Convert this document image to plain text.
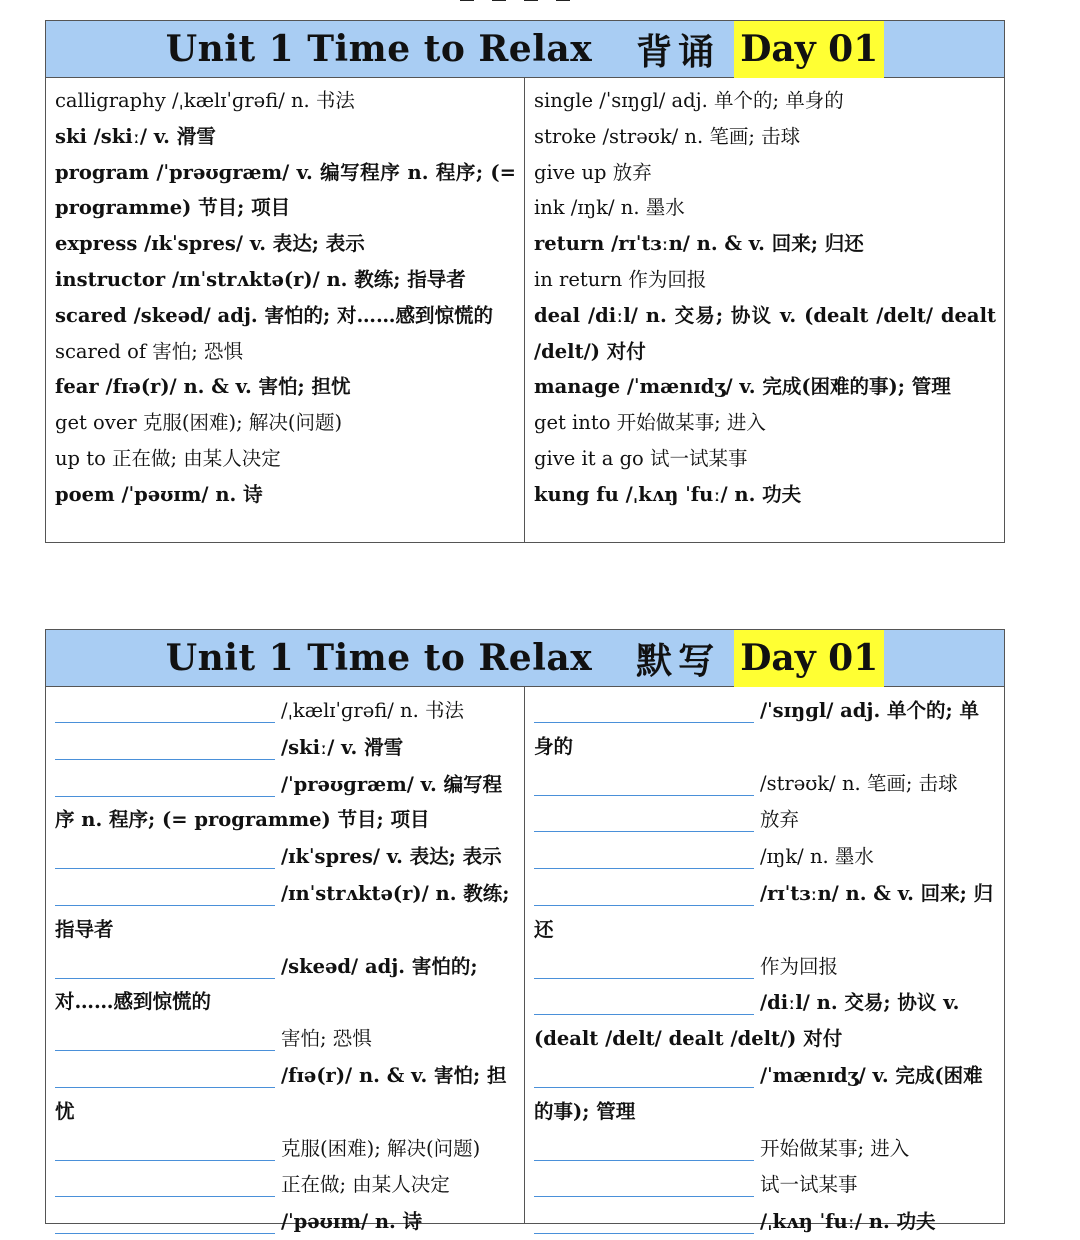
Unit 1 Time to Relax 背诵 Day 01
calligraphy /ˌkælɪˈɡrəfi/ n. 书法
ski /skiː/ v. 滑雪
program /ˈprəʊɡræm/ v. 编写程序 n. 程序; (= programme) 节目; 项目
express /ɪkˈspres/ v. 表达; 表示
instructor /ɪnˈstrʌktə(r)/ n. 教练; 指导者
scared /skeəd/ adj. 害怕的; 对……感到惊慌的
scared of 害怕; 恐惧
fear /fɪə(r)/ n. & v. 害怕; 担忧
get over 克服(困难); 解决(问题)
up to 正在做; 由某人决定
poem /ˈpəʊɪm/ n. 诗
single /ˈsɪŋɡl/ adj. 单个的; 单身的
stroke /strəʊk/ n. 笔画; 击球
give up 放弃
ink /ɪŋk/ n. 墨水
return /rɪˈtɜːn/ n. & v. 回来; 归还
in return 作为回报
deal /diːl/ n. 交易; 协议 v. (dealt /delt/ dealt /delt/) 对付
manage /ˈmænɪdʒ/ v. 完成(困难的事); 管理
get into 开始做某事; 进入
give it a go 试一试某事
kung fu /ˌkʌŋ ˈfuː/ n. 功夫
Unit 1 Time to Relax 默写 Day 01
/ˌkælɪˈɡrəfi/ n. 书法
/skiː/ v. 滑雪
/ˈprəʊɡræm/ v. 编写程
序 n. 程序; (= programme) 节目; 项目
/ɪkˈspres/ v. 表达; 表示
/ɪnˈstrʌktə(r)/ n. 教练;
指导者
/skeəd/ adj. 害怕的;
对……感到惊慌的
害怕; 恐惧
/fɪə(r)/ n. & v. 害怕; 担
忧
克服(困难); 解决(问题)
正在做; 由某人决定
/ˈpəʊɪm/ n. 诗
/ˈsɪŋɡl/ adj. 单个的; 单
身的
/strəʊk/ n. 笔画; 击球
放弃
/ɪŋk/ n. 墨水
/rɪˈtɜːn/ n. & v. 回来; 归
还
作为回报
/diːl/ n. 交易; 协议 v.
(dealt /delt/ dealt /delt/) 对付
/ˈmænɪdʒ/ v. 完成(困难
的事); 管理
开始做某事; 进入
试一试某事
/ˌkʌŋ ˈfuː/ n. 功夫
